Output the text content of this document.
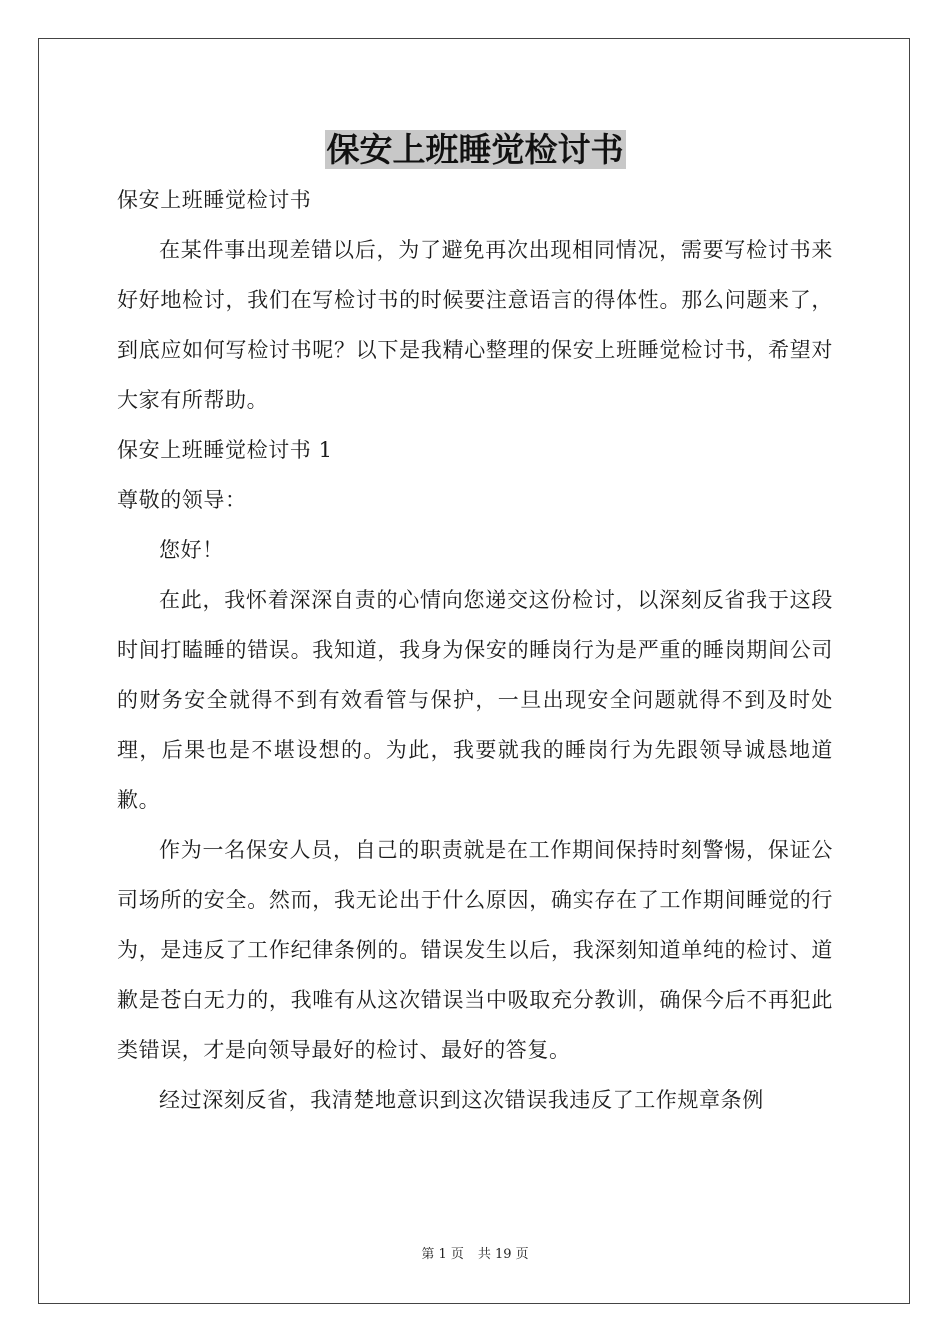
保安上班睡觉检讨书

保安上班睡觉检讨书

在某件事出现差错以后，为了避免再次出现相同情况，需要写检讨书来好好地检讨，我们在写检讨书的时候要注意语言的得体性。那么问题来了，到底应如何写检讨书呢？以下是我精心整理的保安上班睡觉检讨书，希望对大家有所帮助。

保安上班睡觉检讨书 1

尊敬的领导：

您好！

在此，我怀着深深自责的心情向您递交这份检讨，以深刻反省我于这段时间打瞌睡的错误。我知道，我身为保安的睡岗行为是严重的睡岗期间公司的财务安全就得不到有效看管与保护，一旦出现安全问题就得不到及时处理，后果也是不堪设想的。为此，我要就我的睡岗行为先跟领导诚恳地道歉。

作为一名保安人员，自己的职责就是在工作期间保持时刻警惕，保证公司场所的安全。然而，我无论出于什么原因，确实存在了工作期间睡觉的行为，是违反了工作纪律条例的。错误发生以后，我深刻知道单纯的检讨、道歉是苍白无力的，我唯有从这次错误当中吸取充分教训，确保今后不再犯此类错误，才是向领导最好的检讨、最好的答复。

经过深刻反省，我清楚地意识到这次错误我违反了工作规章条例

第 1 页 共 19 页
